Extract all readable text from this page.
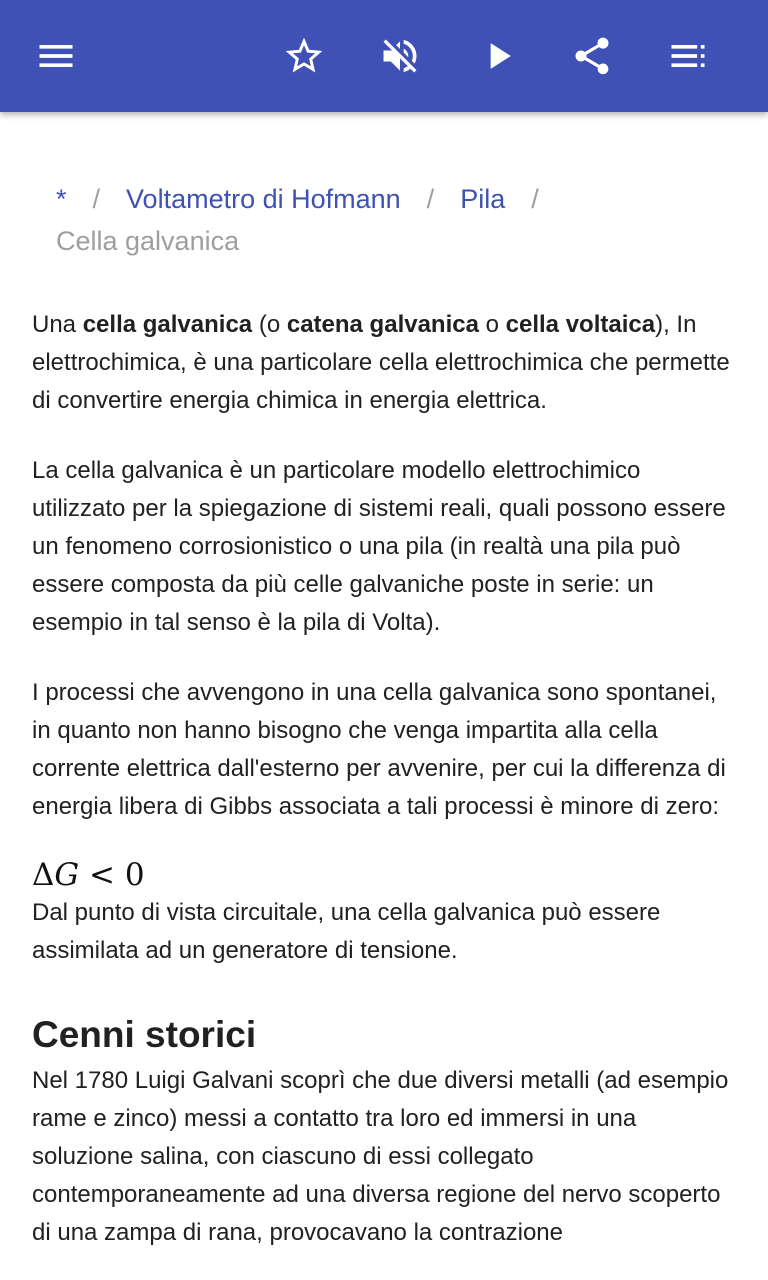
* / Voltametro di Hofmann / Pila /
Cella galvanica

Una cella galvanica (o catena galvanica o cella voltaica), In elettrochimica, è una particolare cella elettrochimica che permette di convertire energia chimica in energia elettrica.

La cella galvanica è un particolare modello elettrochimico utilizzato per la spiegazione di sistemi reali, quali possono essere un fenomeno corrosionistico o una pila (in realtà una pila può essere composta da più celle galvaniche poste in serie: un esempio in tal senso è la pila di Volta).

I processi che avvengono in una cella galvanica sono spontanei, in quanto non hanno bisogno che venga impartita alla cella corrente elettrica dall'esterno per avvenire, per cui la differenza di energia libera di Gibbs associata a tali processi è minore di zero:

ΔG < 0

Dal punto di vista circuitale, una cella galvanica può essere assimilata ad un generatore di tensione.

Cenni storici

Nel 1780 Luigi Galvani scoprì che due diversi metalli (ad esempio rame e zinco) messi a contatto tra loro ed immersi in una soluzione salina, con ciascuno di essi collegato contemporaneamente ad una diversa regione del nervo scoperto di una zampa di rana, provocavano la contrazione
